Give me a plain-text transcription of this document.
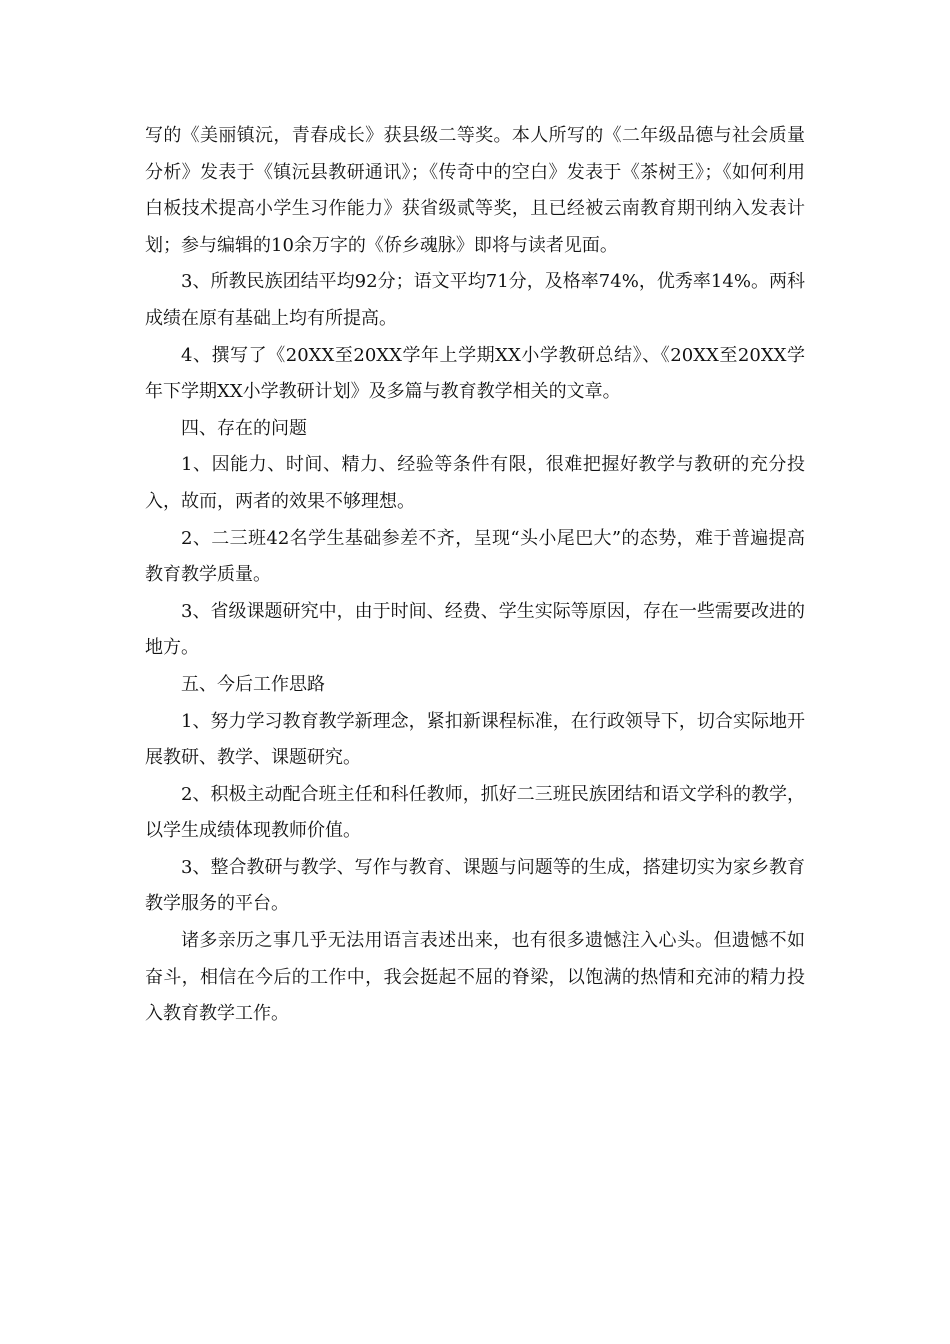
写的《美丽镇沅，青春成长》获县级二等奖。本人所写的《二年级品德与社会质量分析》发表于《镇沅县教研通讯》；《传奇中的空白》发表于《茶树王》；《如何利用白板技术提高小学生习作能力》获省级贰等奖，且已经被云南教育期刊纳入发表计划；参与编辑的10余万字的《侨乡魂脉》即将与读者见面。

3、所教民族团结平均92分；语文平均71分，及格率74%，优秀率14%。两科成绩在原有基础上均有所提高。

4、撰写了《20XX至20XX学年上学期XX小学教研总结》、《20XX至20XX学年下学期XX小学教研计划》及多篇与教育教学相关的文章。

四、存在的问题

1、因能力、时间、精力、经验等条件有限，很难把握好教学与教研的充分投入，故而，两者的效果不够理想。

2、二三班42名学生基础参差不齐，呈现“头小尾巴大”的态势，难于普遍提高教育教学质量。

3、省级课题研究中，由于时间、经费、学生实际等原因，存在一些需要改进的地方。

五、今后工作思路

1、努力学习教育教学新理念，紧扣新课程标准，在行政领导下，切合实际地开展教研、教学、课题研究。

2、积极主动配合班主任和科任教师，抓好二三班民族团结和语文学科的教学，以学生成绩体现教师价值。

3、整合教研与教学、写作与教育、课题与问题等的生成，搭建切实为家乡教育教学服务的平台。

诸多亲历之事几乎无法用语言表述出来，也有很多遗憾注入心头。但遗憾不如奋斗，相信在今后的工作中，我会挺起不屈的脊梁，以饱满的热情和充沛的精力投入教育教学工作。
